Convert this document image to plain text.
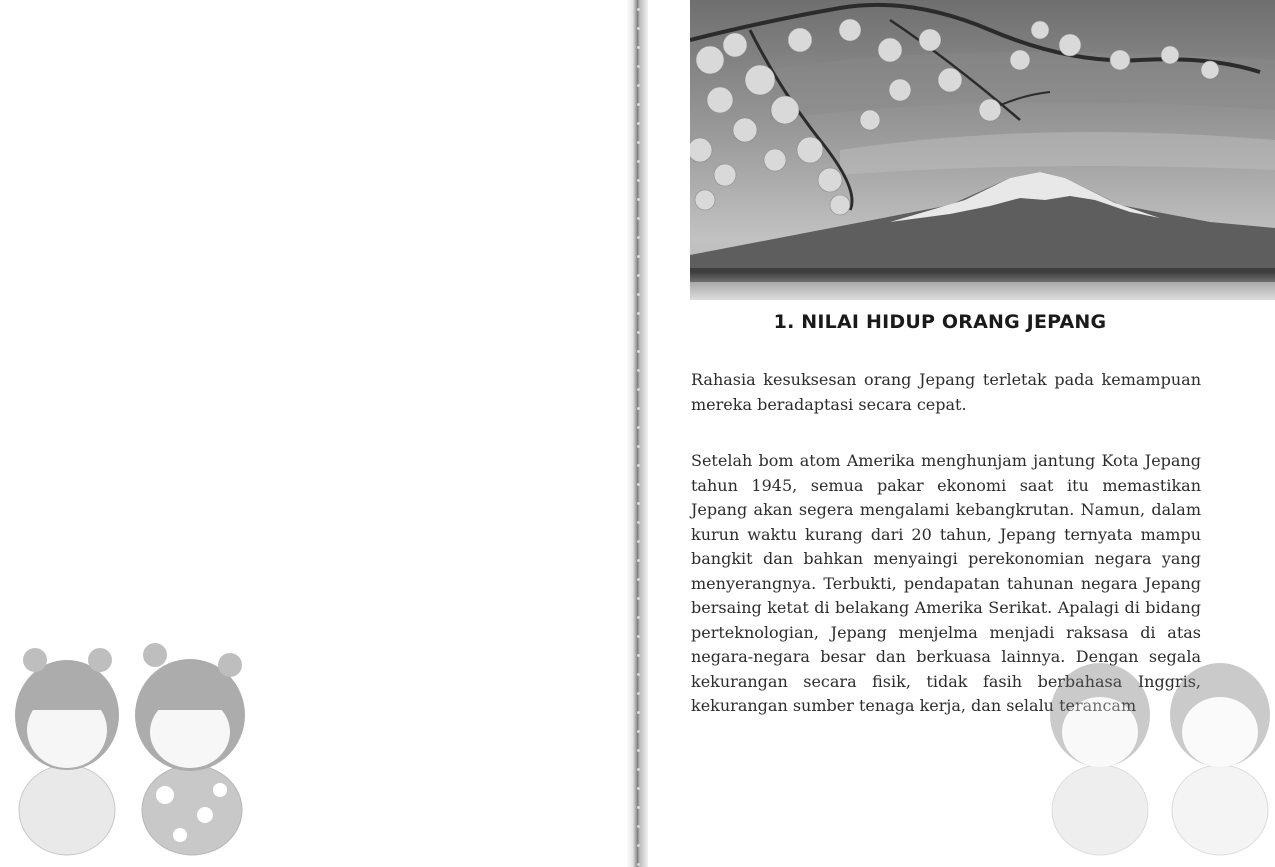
1. NILAI HIDUP ORANG JEPANG

Rahasia kesuksesan orang Jepang terletak pada kemampuan mereka beradaptasi secara cepat.

Setelah bom atom Amerika menghunjam jantung Kota Jepang tahun 1945, semua pakar ekonomi saat itu memastikan Jepang akan segera mengalami kebangkrutan. Namun, dalam kurun waktu kurang dari 20 tahun, Jepang ternyata mampu bangkit dan bahkan menyaingi perekonomian negara yang menyerangnya. Terbukti, pendapatan tahunan negara Jepang bersaing ketat di belakang Amerika Serikat. Apalagi di bidang perteknologian, Jepang menjelma menjadi raksasa di atas negara-negara besar dan berkuasa lainnya. Dengan segala kekurangan secara fisik, tidak fasih berbahasa Inggris, kekurangan sumber tenaga kerja, dan selalu terancam
